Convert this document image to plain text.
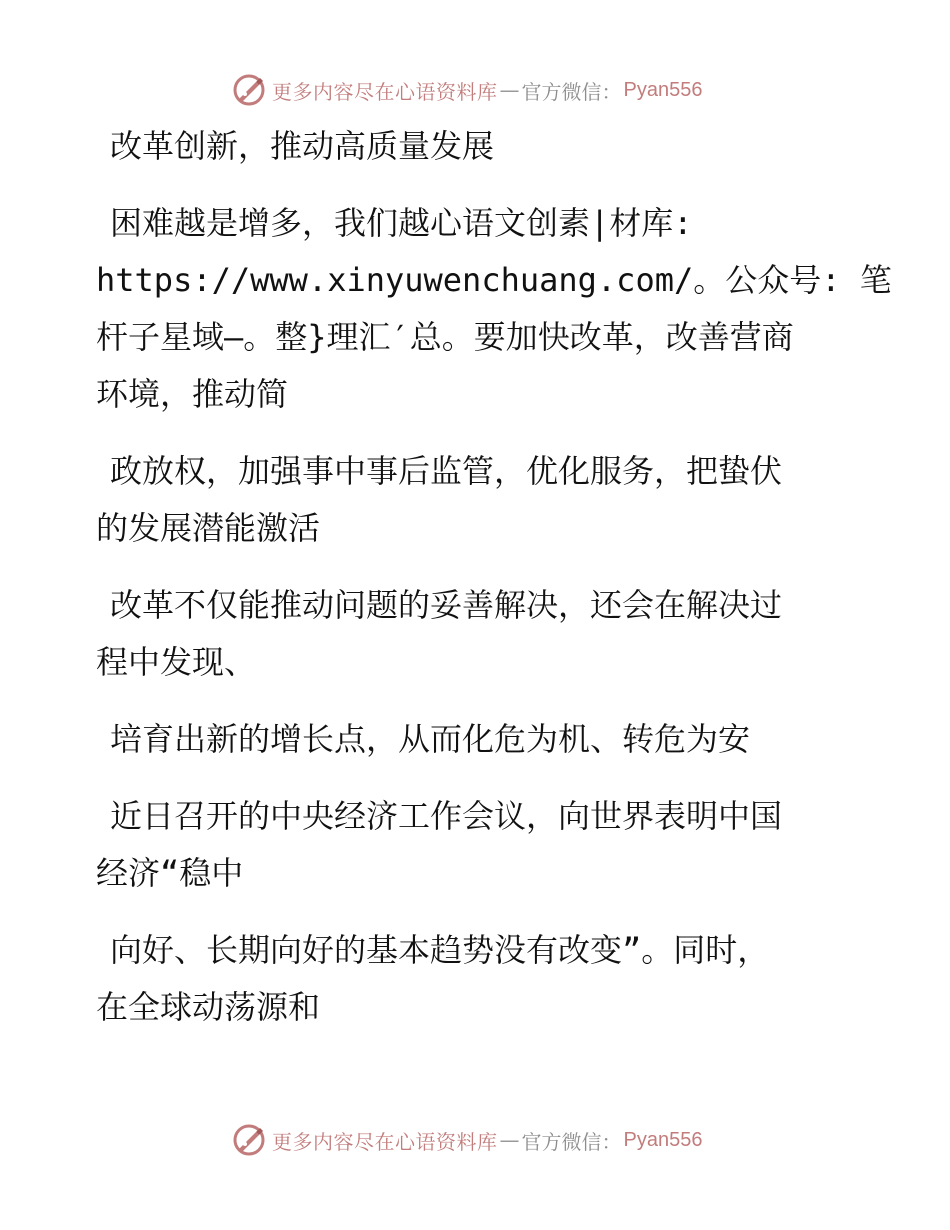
更多内容尽在心语资料库 — 官方微信： Pyan556
改革创新，推动高质量发展
困难越是增多，我们越心语文创素|材库:
https://www.xinyuwenchuang.com/。公众号: 笔
杆子星域—。整}理汇′总。要加快改革，改善营商
环境，推动简
政放权，加强事中事后监管，优化服务，把蛰伏
的发展潜能激活
改革不仅能推动问题的妥善解决，还会在解决过
程中发现、
培育出新的增长点，从而化危为机、转危为安
近日召开的中央经济工作会议，向世界表明中国
经济“稳中
向好、长期向好的基本趋势没有改变”。同时，
在全球动荡源和
更多内容尽在心语资料库 — 官方微信： Pyan556
